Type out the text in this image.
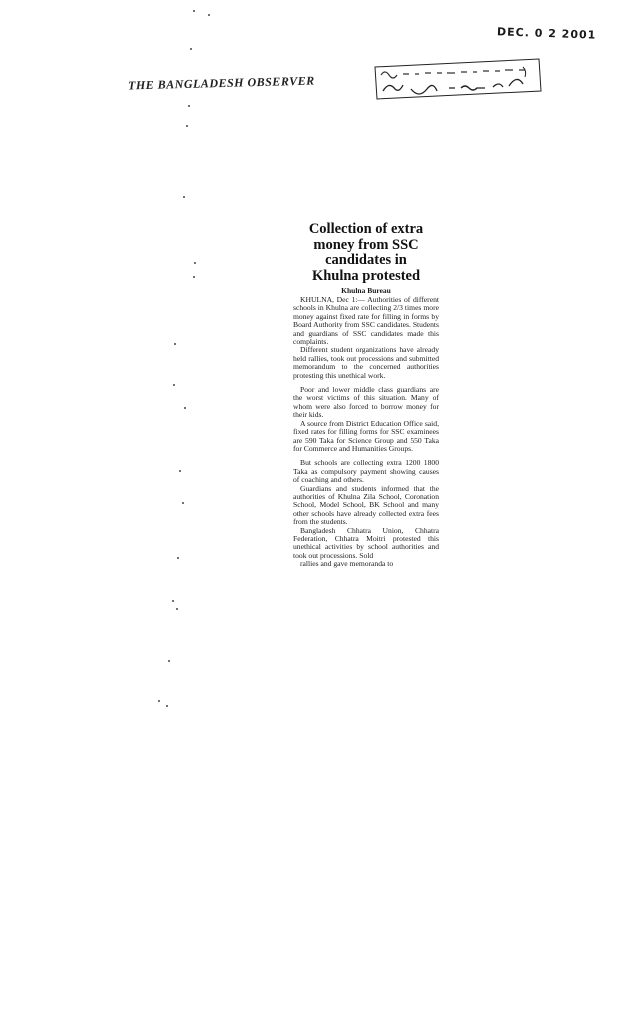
DEC. 0 2 2001
THE BANGLADESH OBSERVER
Collection of extra
money from SSC
candidates in
Khulna protested
Khulna Bureau

KHULNA, Dec 1:— Authorities of different schools in Khulna are collecting 2/3 times more money against fixed rate for filling in forms by Board Authority from SSC candidates. Students and guardians of SSC candidates made this complaints.

Different student organizations have already held rallies, took out processions and submitted memorandum to the concerned authorities protesting this unethical work.

Poor and lower middle class guardians are the worst victims of this situation. Many of whom were also forced to borrow money for their kids.

A source from District Education Office said, fixed rates for filling forms for SSC examinees are 590 Taka for Science Group and 550 Taka for Commerce and Humanities Groups.

But schools are collecting extra 1200 1800 Taka as compulsory payment showing causes of coaching and others.

Guardians and students informed that the authorities of Khulna Zila School, Coronation School, Model School, BK School and many other schools have already collected extra fees from the students.

Bangladesh Chhatra Union, Chhatra Federation, Chhatra Moitri protested this unethical activities by school authorities and took out processions. Sold

rallies and gave memoranda to
